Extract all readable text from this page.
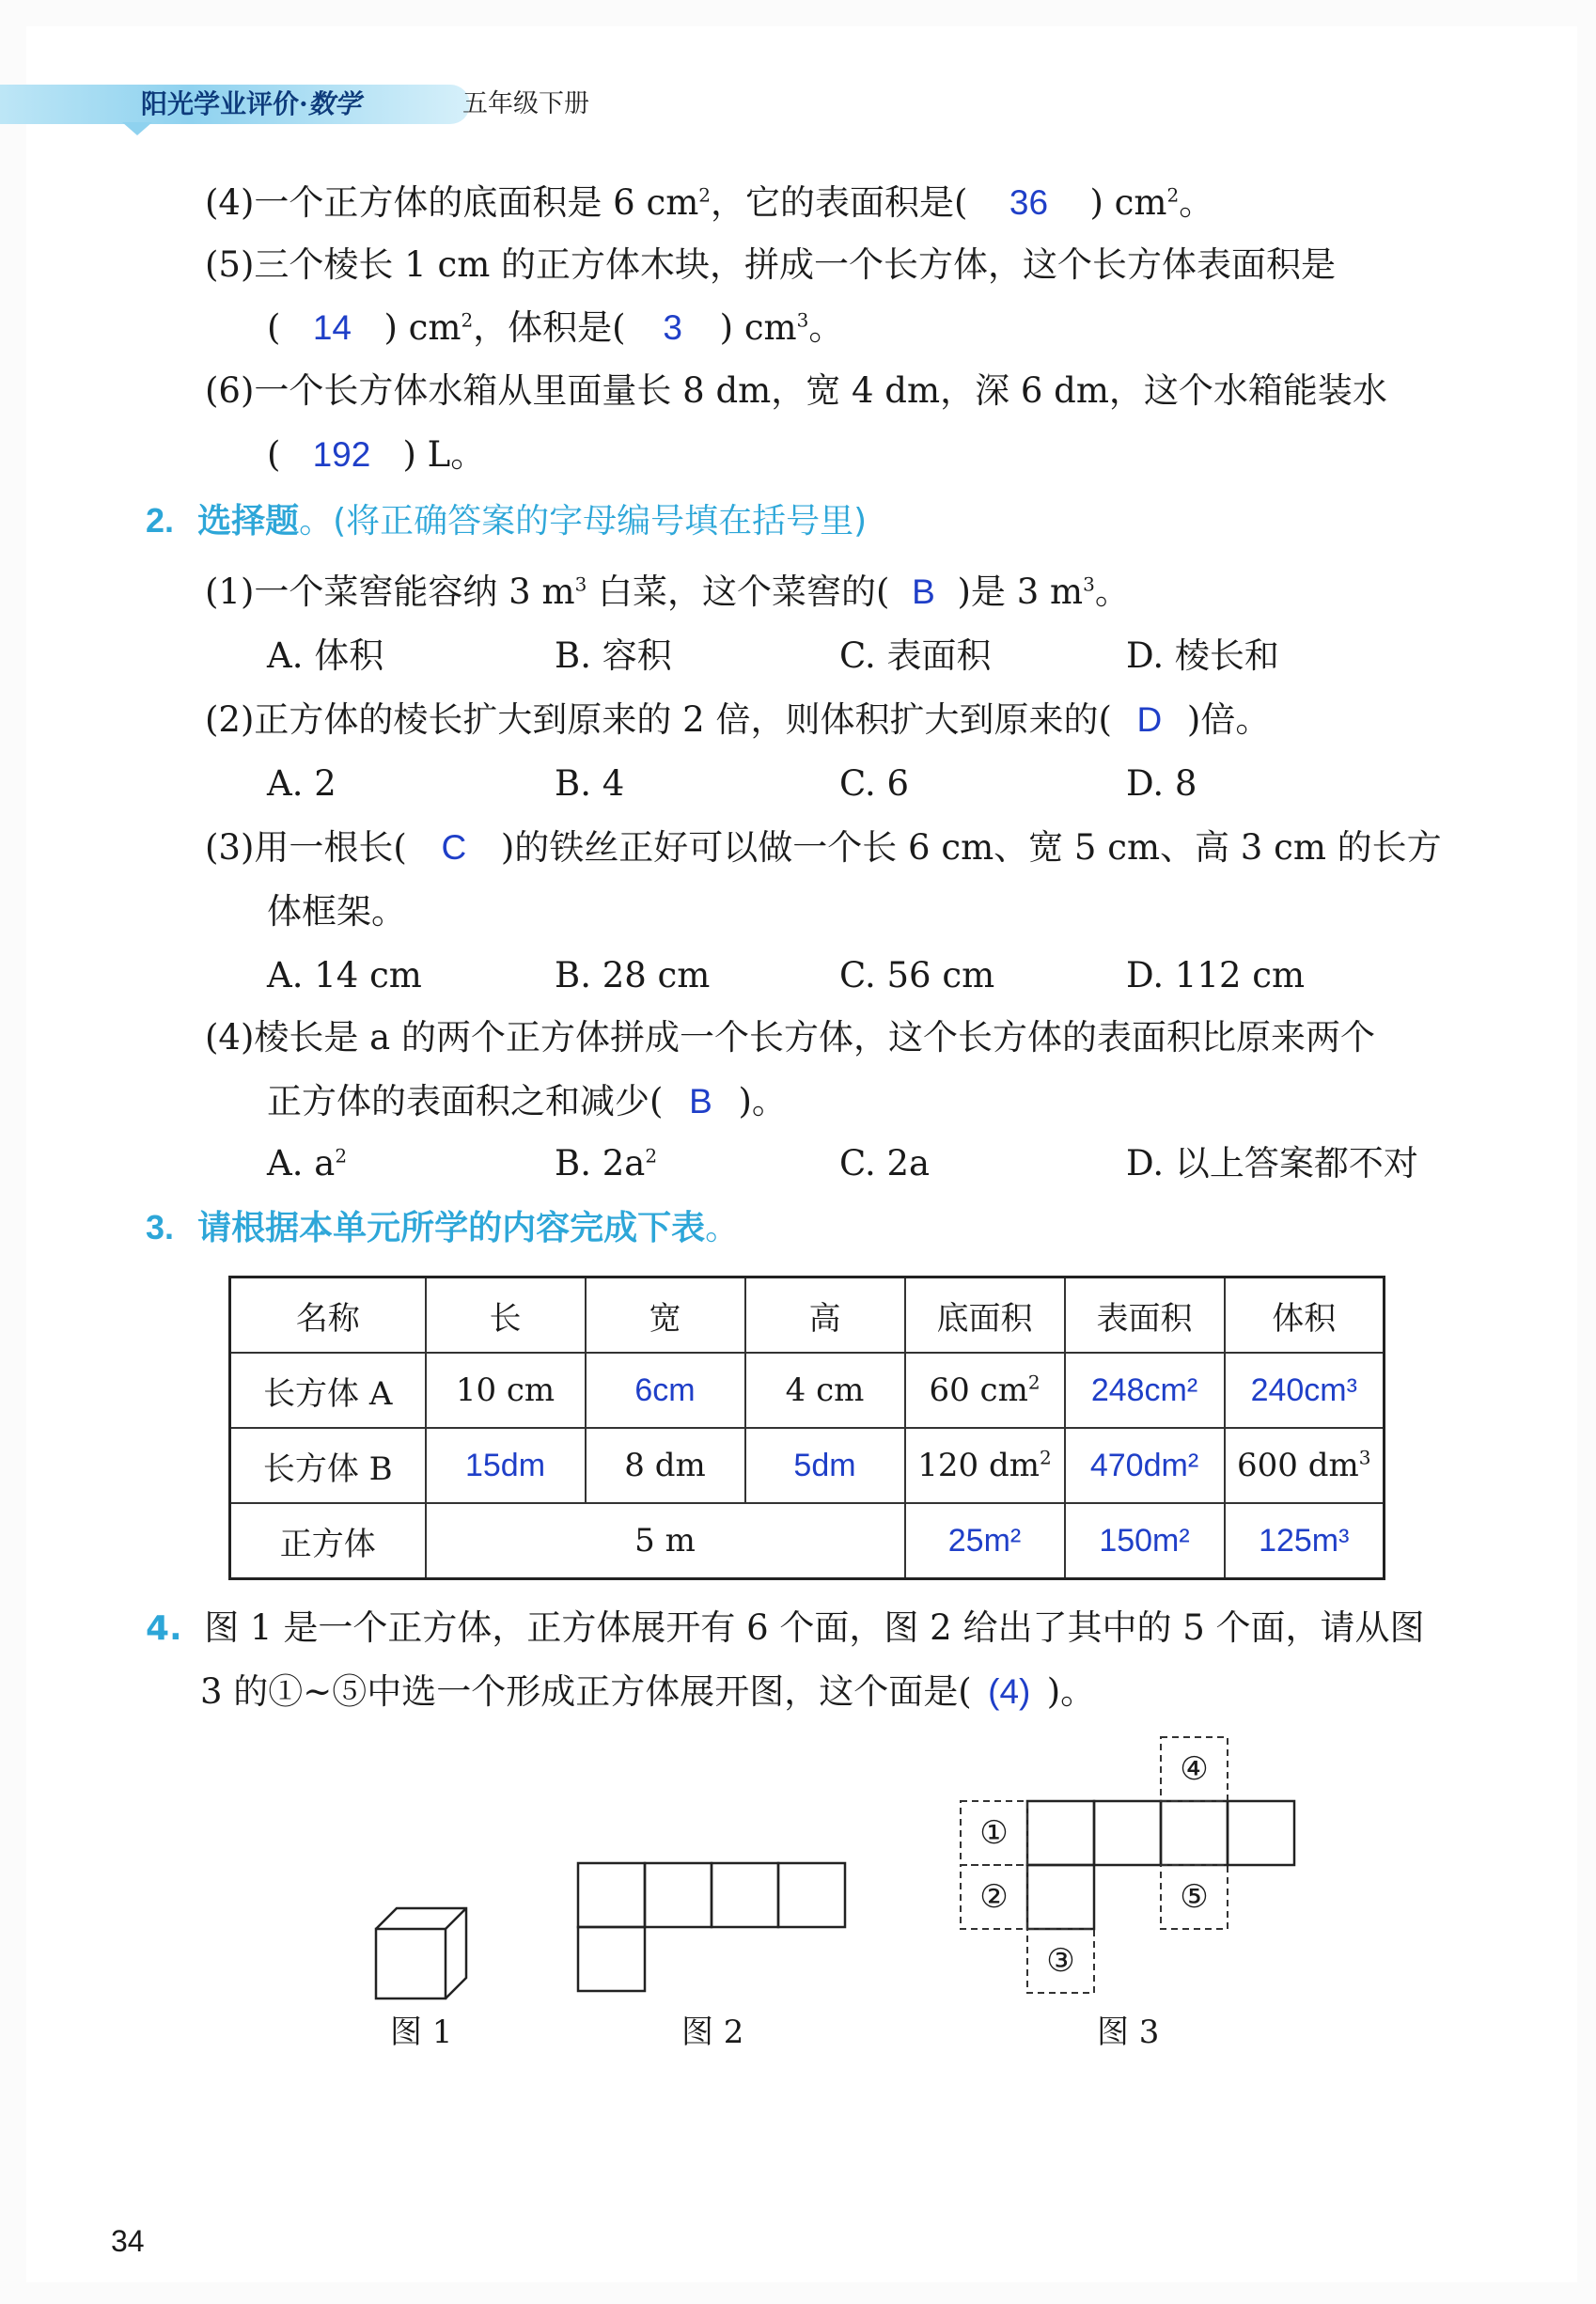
阳光学业评价·数学	五年级下册
(4)一个正方体的底面积是 6 $cm^2$，它的表面积是( 36 ) $cm^2$。
(5)三个棱长 1 cm 的正方体木块，拼成一个长方体，这个长方体表面积是
( 14 ) $cm^2$，体积是( 3 ) $cm^3$。
(6)一个长方体水箱从里面量长 8 dm，宽 4 dm，深 6 dm，这个水箱能装水
( 192 ) L。
2. 选择题。(将正确答案的字母编号填在括号里)
(1)一个菜窖能容纳 3 $m^3$ 白菜，这个菜窖的( B )是 3 $m^3$。
A. 体积	B. 容积	C. 表面积	D. 棱长和
(2)正方体的棱长扩大到原来的 2 倍，则体积扩大到原来的( D )倍。
A. 2	B. 4	C. 6	D. 8
(3)用一根长( C )的铁丝正好可以做一个长 6 cm、宽 5 cm、高 3 cm 的长方
体框架。
A. 14 cm	B. 28 cm	C. 56 cm	D. 112 cm
(4)棱长是 a 的两个正方体拼成一个长方体，这个长方体的表面积比原来两个
正方体的表面积之和减少( B )。
A. $a^2$	B. $2a^2$	C. 2a	D. 以上答案都不对
3. 请根据本单元所学的内容完成下表。
名称	长	宽	高	底面积	表面积	体积
长方体 A	10 cm	6cm	4 cm	60 $cm^2$	248cm²	240cm³
长方体 B	15dm	8 dm	5dm	120 $dm^2$	470dm²	600 $dm^3$
正方体	5 m			25m²	150m²	125m³
4. 图 1 是一个正方体，正方体展开有 6 个面，图 2 给出了其中的 5 个面，请从图
3 的①~⑤中选一个形成正方体展开图，这个面是( (4) )。
①
②
③
④
⑤
图 1	图 2	图 3
34
